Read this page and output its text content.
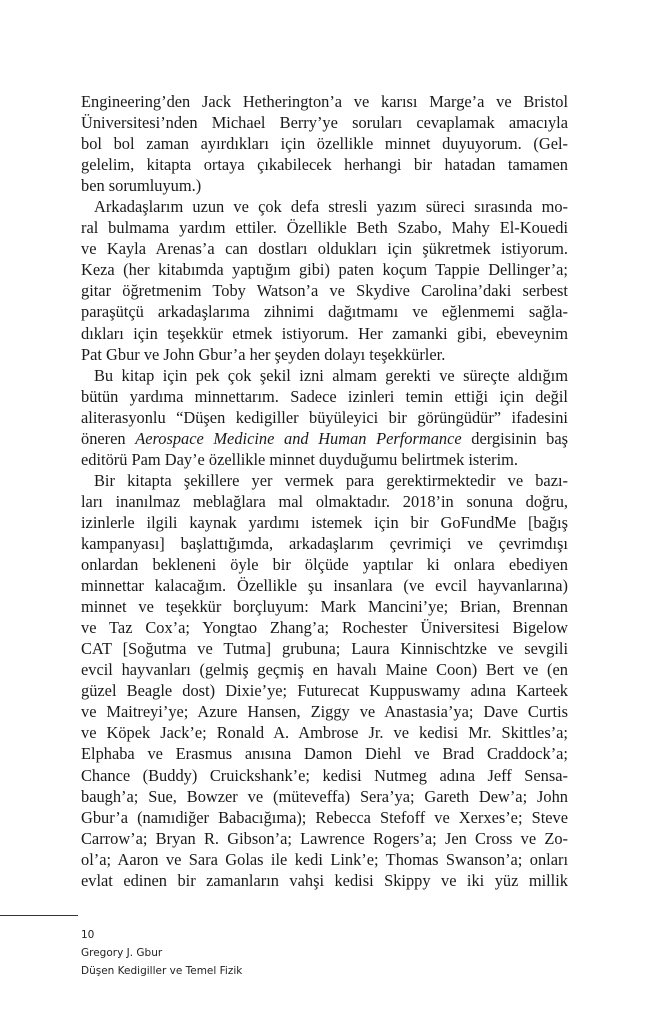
Engineering’den Jack Hetherington’a ve karısı Marge’a ve Bristol
Üniversitesi’nden Michael Berry’ye soruları cevaplamak amacıyla
bol bol zaman ayırdıkları için özellikle minnet duyuyorum. (Gel-
gelelim, kitapta ortaya çıkabilecek herhangi bir hatadan tamamen
ben sorumluyum.)
Arkadaşlarım uzun ve çok defa stresli yazım süreci sırasında mo-
ral bulmama yardım ettiler. Özellikle Beth Szabo, Mahy El-Kouedi
ve Kayla Arenas’a can dostları oldukları için şükretmek istiyorum.
Keza (her kitabımda yaptığım gibi) paten koçum Tappie Dellinger’a;
gitar öğretmenim Toby Watson’a ve Skydive Carolina’daki serbest
paraşütçü arkadaşlarıma zihnimi dağıtmamı ve eğlenmemi sağla-
dıkları için teşekkür etmek istiyorum. Her zamanki gibi, ebeveynim
Pat Gbur ve John Gbur’a her şeyden dolayı teşekkürler.
Bu kitap için pek çok şekil izni almam gerekti ve süreçte aldığım
bütün yardıma minnettarım. Sadece izinleri temin ettiği için değil
aliterasyonlu “Düşen kedigiller büyüleyici bir görüngüdür” ifadesini
öneren Aerospace Medicine and Human Performance dergisinin baş
editörü Pam Day’e özellikle minnet duyduğumu belirtmek isterim.
Bir kitapta şekillere yer vermek para gerektirmektedir ve bazı-
ları inanılmaz meblağlara mal olmaktadır. 2018’in sonuna doğru,
izinlerle ilgili kaynak yardımı istemek için bir GoFundMe [bağış
kampanyası] başlattığımda, arkadaşlarım çevrimiçi ve çevrimdışı
onlardan bekleneni öyle bir ölçüde yaptılar ki onlara ebediyen
minnettar kalacağım. Özellikle şu insanlara (ve evcil hayvanlarına)
minnet ve teşekkür borçluyum: Mark Mancini’ye; Brian, Brennan
ve Taz Cox’a; Yongtao Zhang’a; Rochester Üniversitesi Bigelow
CAT [Soğutma ve Tutma] grubuna; Laura Kinnischtzke ve sevgili
evcil hayvanları (gelmiş geçmiş en havalı Maine Coon) Bert ve (en
güzel Beagle dost) Dixie’ye; Futurecat Kuppuswamy adına Karteek
ve Maitreyi’ye; Azure Hansen, Ziggy ve Anastasia’ya; Dave Curtis
ve Köpek Jack’e; Ronald A. Ambrose Jr. ve kedisi Mr. Skittles’a;
Elphaba ve Erasmus anısına Damon Diehl ve Brad Craddock’a;
Chance (Buddy) Cruickshank’e; kedisi Nutmeg adına Jeff Sensa-
baugh’a; Sue, Bowzer ve (müteveffa) Sera’ya; Gareth Dew’a; John
Gbur’a (namıdiğer Babacığıma); Rebecca Stefoff ve Xerxes’e; Steve
Carrow’a; Bryan R. Gibson’a; Lawrence Rogers’a; Jen Cross ve Zo-
ol’a; Aaron ve Sara Golas ile kedi Link’e; Thomas Swanson’a; onları
evlat edinen bir zamanların vahşi kedisi Skippy ve iki yüz millik
10
Gregory J. Gbur
Düşen Kedigiller ve Temel Fizik
